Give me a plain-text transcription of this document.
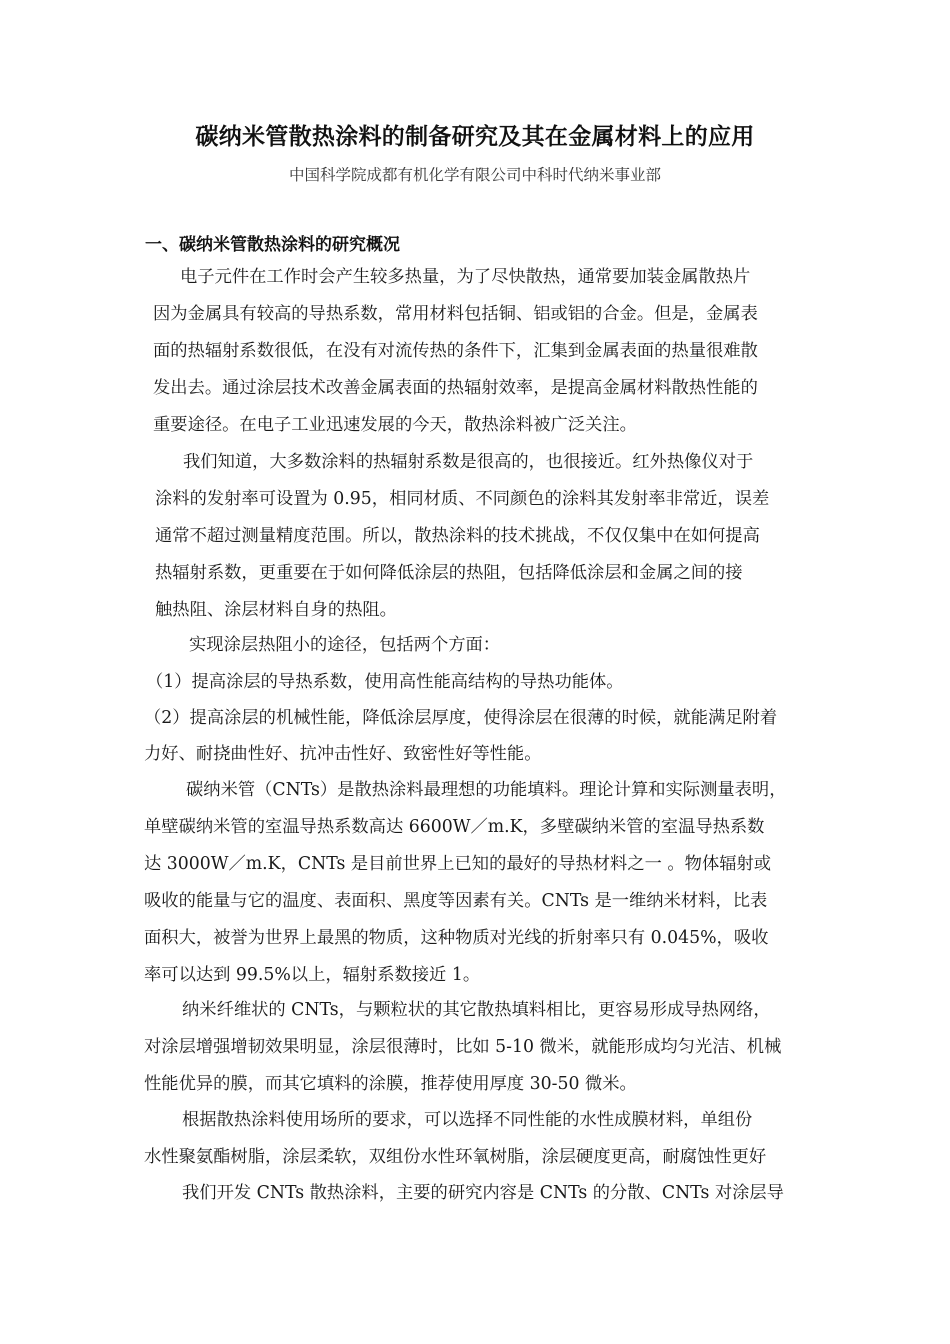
碳纳米管散热涂料的制备研究及其在金属材料上的应用
中国科学院成都有机化学有限公司中科时代纳米事业部
一、碳纳米管散热涂料的研究概况
电子元件在工作时会产生较多热量，为了尽快散热，通常要加装金属散热片
因为金属具有较高的导热系数，常用材料包括铜、铝或铝的合金。但是，金属表
面的热辐射系数很低，在没有对流传热的条件下，汇集到金属表面的热量很难散
发出去。通过涂层技术改善金属表面的热辐射效率，是提高金属材料散热性能的
重要途径。在电子工业迅速发展的今天，散热涂料被广泛关注。
我们知道，大多数涂料的热辐射系数是很高的，也很接近。红外热像仪对于
涂料的发射率可设置为 0.95，相同材质、不同颜色的涂料其发射率非常近，误差
通常不超过测量精度范围。所以，散热涂料的技术挑战，不仅仅集中在如何提高
热辐射系数，更重要在于如何降低涂层的热阻，包括降低涂层和金属之间的接
触热阻、涂层材料自身的热阻。
实现涂层热阻小的途径，包括两个方面：
（1）提高涂层的导热系数，使用高性能高结构的导热功能体。
（2）提高涂层的机械性能，降低涂层厚度，使得涂层在很薄的时候，就能满足附着
力好、耐挠曲性好、抗冲击性好、致密性好等性能。
碳纳米管（CNTs）是散热涂料最理想的功能填料。理论计算和实际测量表明，
单壁碳纳米管的室温导热系数高达 6600W／m.K，多壁碳纳米管的室温导热系数
达 3000W／m.K，CNTs 是目前世界上已知的最好的导热材料之一 。物体辐射或
吸收的能量与它的温度、表面积、黑度等因素有关。CNTs 是一维纳米材料，比表
面积大，被誉为世界上最黑的物质，这种物质对光线的折射率只有 0.045%，吸收
率可以达到 99.5%以上，辐射系数接近 1。
纳米纤维状的 CNTs，与颗粒状的其它散热填料相比，更容易形成导热网络，
对涂层增强增韧效果明显，涂层很薄时，比如 5-10 微米，就能形成均匀光洁、机械
性能优异的膜，而其它填料的涂膜，推荐使用厚度 30-50 微米。
根据散热涂料使用场所的要求，可以选择不同性能的水性成膜材料，单组份
水性聚氨酯树脂，涂层柔软，双组份水性环氧树脂，涂层硬度更高，耐腐蚀性更好
我们开发 CNTs 散热涂料，主要的研究内容是 CNTs 的分散、CNTs 对涂层导
